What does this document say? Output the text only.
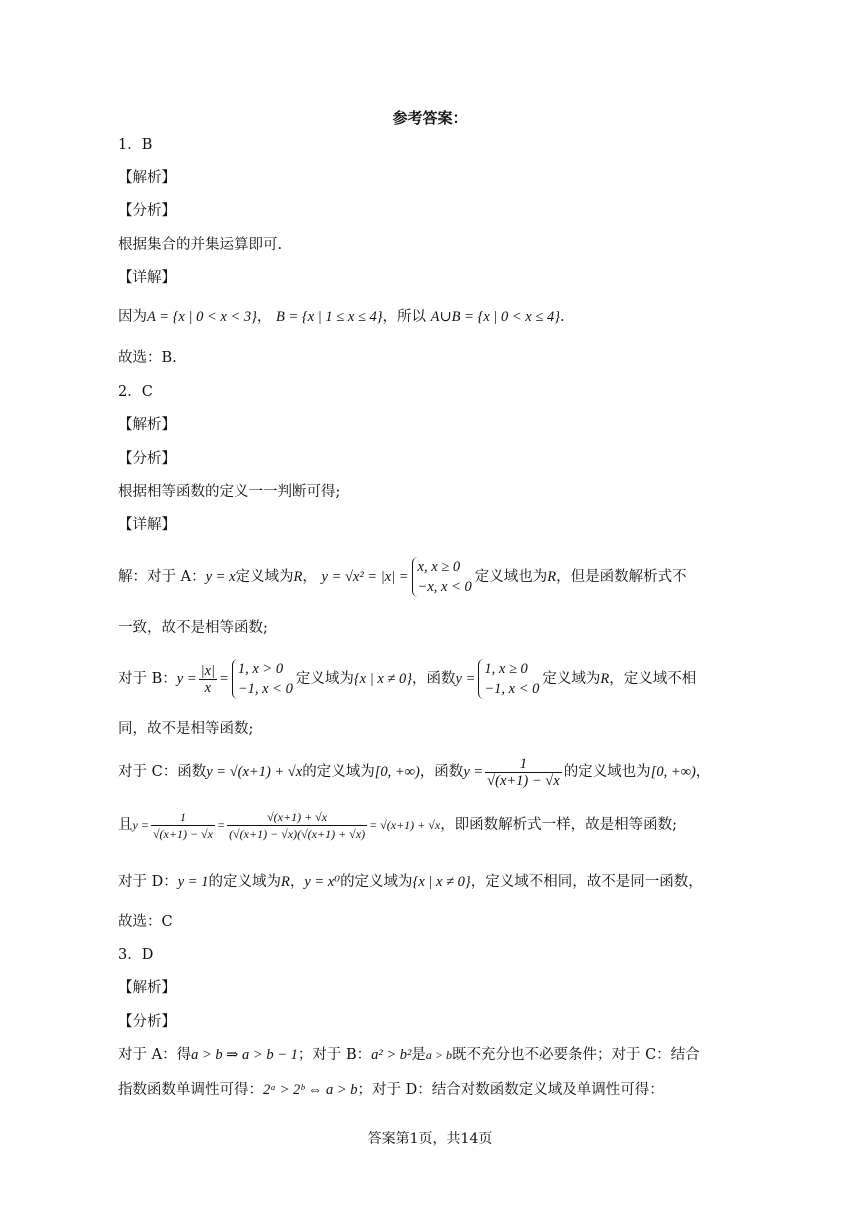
参考答案：
1．B
【解析】
【分析】
根据集合的并集运算即可.
【详解】
因为A = {x | 0 < x < 3}， B = {x | 1 ≤ x ≤ 4}，所以 A∪B = {x | 0 < x ≤ 4}.
故选：B.
2．C
【解析】
【分析】
根据相等函数的定义一一判断可得;
【详解】
解：对于 A：y = x定义域为R， y = √x² = |x| =
x, x ≥ 0
−x, x < 0
定义域也为R，但是函数解析式不
一致，故不是相等函数;
对于 B：$y = \frac{|x|}{x}$ =
1, x > 0
−1, x < 0
定义域为{x | x ≠ 0}，函数y =
1, x ≥ 0
−1, x < 0
定义域为R，定义域不相
同，故不是相等函数;
对于 C：函数y = √(x+1) + √x的定义域为[0, +∞)，函数$y = \frac{1}{√(x+1) - √x}$ 的定义域也为[0, +∞)，
且$y = \frac{1}{√(x+1) - √x} = \frac{√(x+1) + √x}{(√(x+1) - √x)(√(x+1) + √x)} = √(x+1) + √x$，即函数解析式一样，故是相等函数;
对于 D：y = 1的定义域为R，y = x⁰的定义域为{x | x ≠ 0}，定义域不相同，故不是同一函数，
故选：C
3．D
【解析】
【分析】
对于 A：得a > b ⇒ a > b − 1；对于 B：a² > b²是a > b既不充分也不必要条件；对于 C：结合
指数函数单调性可得：2ᵃ > 2ᵇ ⇔ a > b；对于 D：结合对数函数定义域及单调性可得：
答案第1页，共14页
